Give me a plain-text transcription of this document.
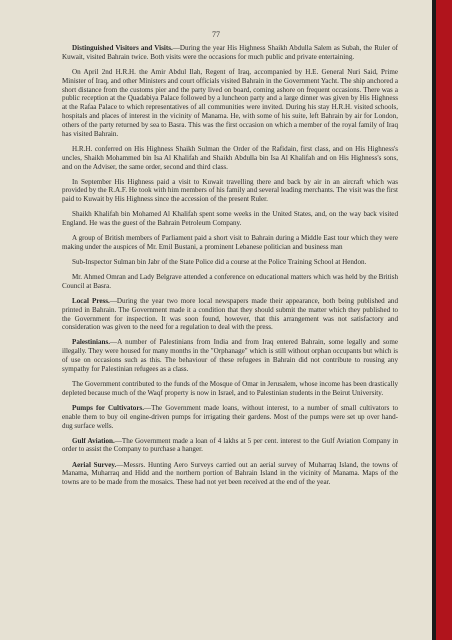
77

Distinguished Visitors and Visits.—During the year His Highness Shaikh Abdulla Salem as Subah, the Ruler of Kuwait, visited Bahrain twice. Both visits were the occasions for much public and private entertaining.

On April 2nd H.R.H. the Amir Abdul Ilah, Regent of Iraq, accompanied by H.E. General Nuri Said, Prime Minister of Iraq, and other Ministers and court officials visited Bahrain in the Government Yacht. The ship anchored a short distance from the customs pier and the party lived on board, coming ashore on frequent occasions. There was a public reception at the Quadabiya Palace followed by a luncheon party and a large dinner was given by His Highness at the Rafaa Palace to which representatives of all communities were invited. During his stay H.R.H. visited schools, hospitals and places of interest in the vicinity of Manama. He, with some of his suite, left Bahrain by air for London, others of the party returned by sea to Basra. This was the first occasion on which a member of the royal family of Iraq has visited Bahrain.

H.R.H. conferred on His Highness Shaikh Sulman the Order of the Rafidain, first class, and on His Highness's uncles, Shaikh Mohammed bin Isa Al Khalifah and Shaikh Abdulla bin Isa Al Khalifah and on His Highness's sons, and on the Adviser, the same order, second and third class.

In September His Highness paid a visit to Kuwait travelling there and back by air in an aircraft which was provided by the R.A.F. He took with him members of his family and several leading merchants. The visit was the first paid to Kuwait by His Highness since the accession of the present Ruler.

Shaikh Khalifah bin Mohamed Al Khalifah spent some weeks in the United States, and, on the way back visited England. He was the guest of the Bahrain Petroleum Company.

A group of British members of Parliament paid a short visit to Bahrain during a Middle East tour which they were making under the auspices of Mr. Emil Bustani, a prominent Lebanese politician and business man

Sub-Inspector Sulman bin Jabr of the State Police did a course at the Police Training School at Hendon.

Mr. Ahmed Omran and Lady Belgrave attended a conference on educational matters which was held by the British Council at Basra.

Local Press.—During the year two more local newspapers made their appearance, both being published and printed in Bahrain. The Government made it a condition that they should submit the matter which they published to the Government for inspection. It was soon found, however, that this arrangement was not satisfactory and consideration was given to the need for a regulation to deal with the press.

Palestinians.—A number of Palestinians from India and from Iraq entered Bahrain, some legally and some illegally. They were housed for many months in the "Orphanage" which is still without orphan occupants but which is of use on occasions such as this. The behaviour of these refugees in Bahrain did not contribute to rousing any sympathy for Palestinian refugees as a class.

The Government contributed to the funds of the Mosque of Omar in Jerusalem, whose income has been drastically depleted because much of the Waqf property is now in Israel, and to Palestinian students in the Beirut University.

Pumps for Cultivators.—The Government made loans, without interest, to a number of small cultivators to enable them to buy oil engine-driven pumps for irrigating their gardens. Most of the pumps were set up over hand-dug surface wells.

Gulf Aviation.—The Government made a loan of 4 lakhs at 5 per cent. interest to the Gulf Aviation Company in order to assist the Company to purchase a hanger.

Aerial Survey.—Messrs. Hunting Aero Surveys carried out an aerial survey of Muharraq Island, the towns of Manama, Muharraq and Hidd and the northern portion of Bahrain Island in the vicinity of Manama. Maps of the towns are to be made from the mosaics. These had not yet been received at the end of the year.
